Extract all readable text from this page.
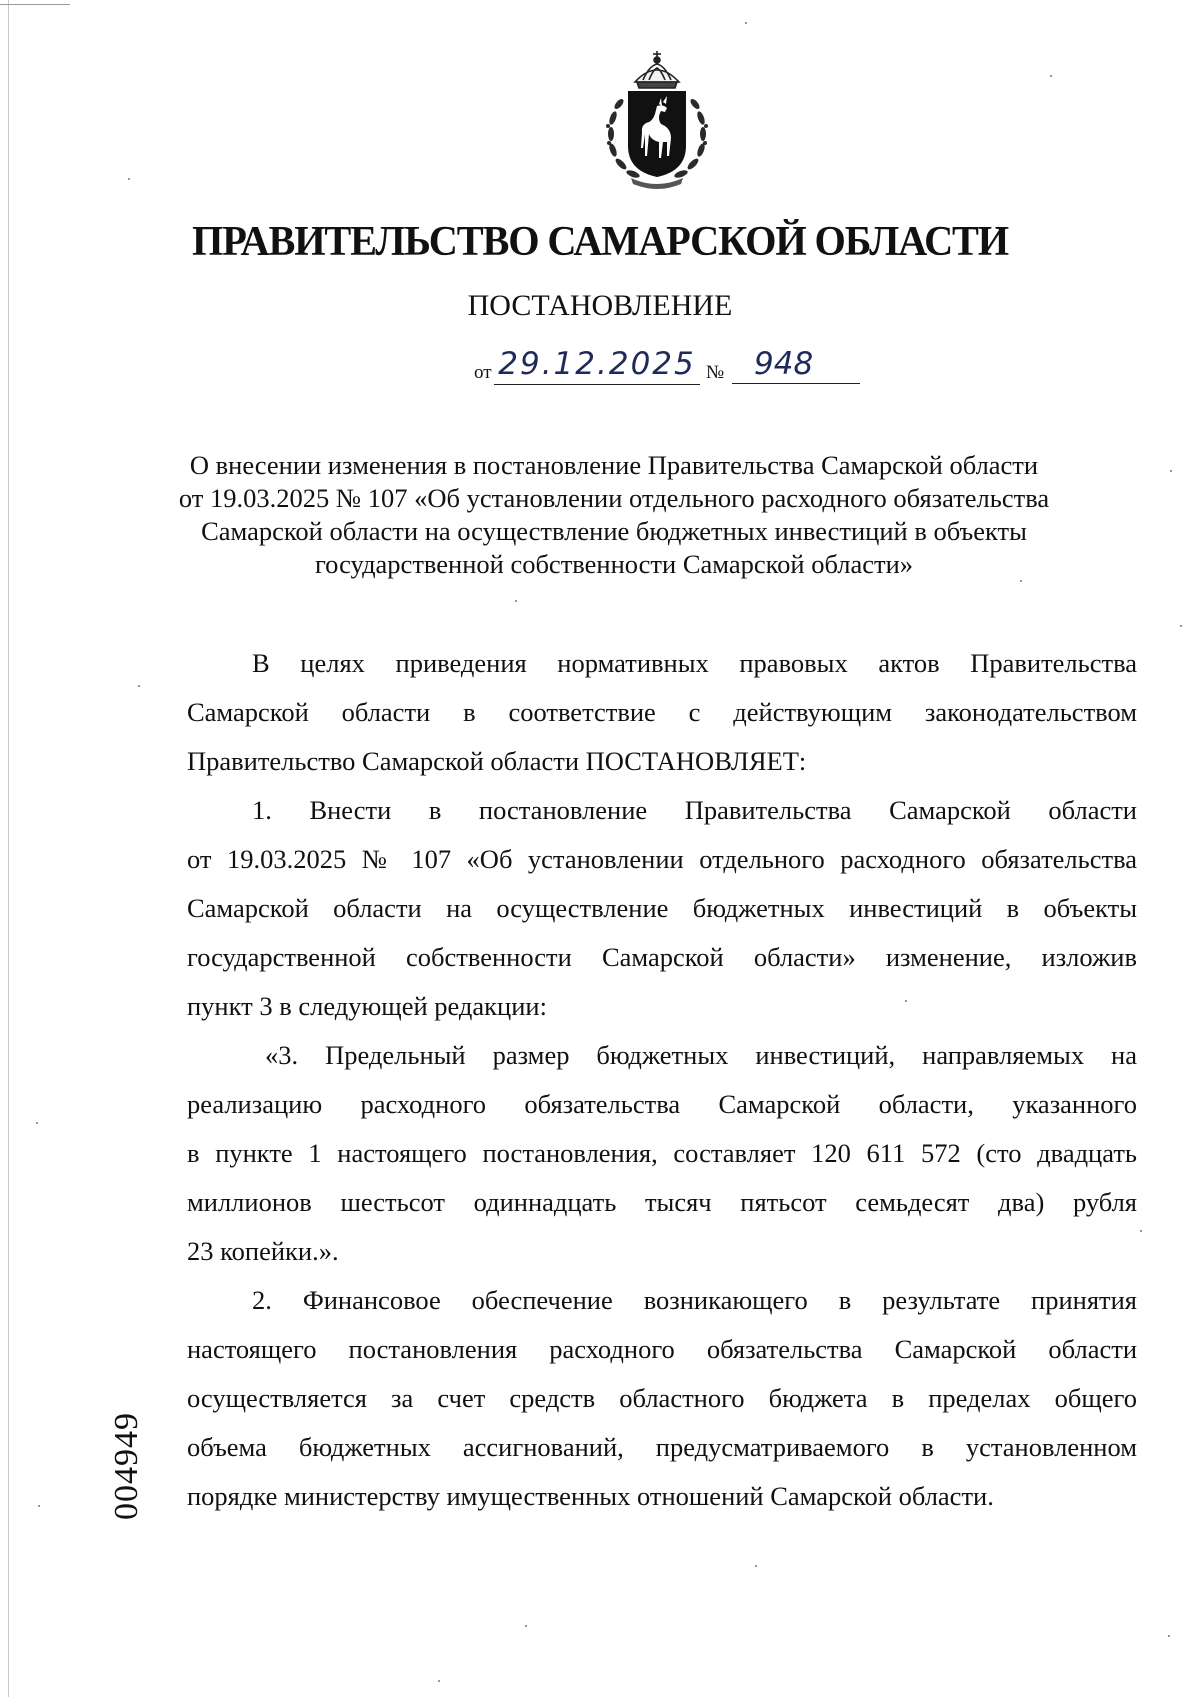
ПРАВИТЕЛЬСТВО САМАРСКОЙ ОБЛАСТИ
ПОСТАНОВЛЕНИЕ
от 29.12.2025 № 948
О внесении изменения в постановление Правительства Самарской области
от 19.03.2025 № 107 «Об установлении отдельного расходного обязательства
Самарской области на осуществление бюджетных инвестиций в объекты
государственной собственности Самарской области»
В целях приведения нормативных правовых актов Правительства
Самарской области в соответствие с действующим законодательством
Правительство Самарской области ПОСТАНОВЛЯЕТ:
1. Внести в постановление Правительства Самарской области
от 19.03.2025 № 107 «Об установлении отдельного расходного обязательства
Самарской области на осуществление бюджетных инвестиций в объекты
государственной собственности Самарской области» изменение, изложив
пункт 3 в следующей редакции:
«3. Предельный размер бюджетных инвестиций, направляемых на
реализацию расходного обязательства Самарской области, указанного
в пункте 1 настоящего постановления, составляет 120 611 572 (сто двадцать
миллионов шестьсот одиннадцать тысяч пятьсот семьдесят два) рубля
23 копейки.».
2. Финансовое обеспечение возникающего в результате принятия
настоящего постановления расходного обязательства Самарской области
осуществляется за счет средств областного бюджета в пределах общего
объема бюджетных ассигнований, предусматриваемого в установленном
порядке министерству имущественных отношений Самарской области.
004949
